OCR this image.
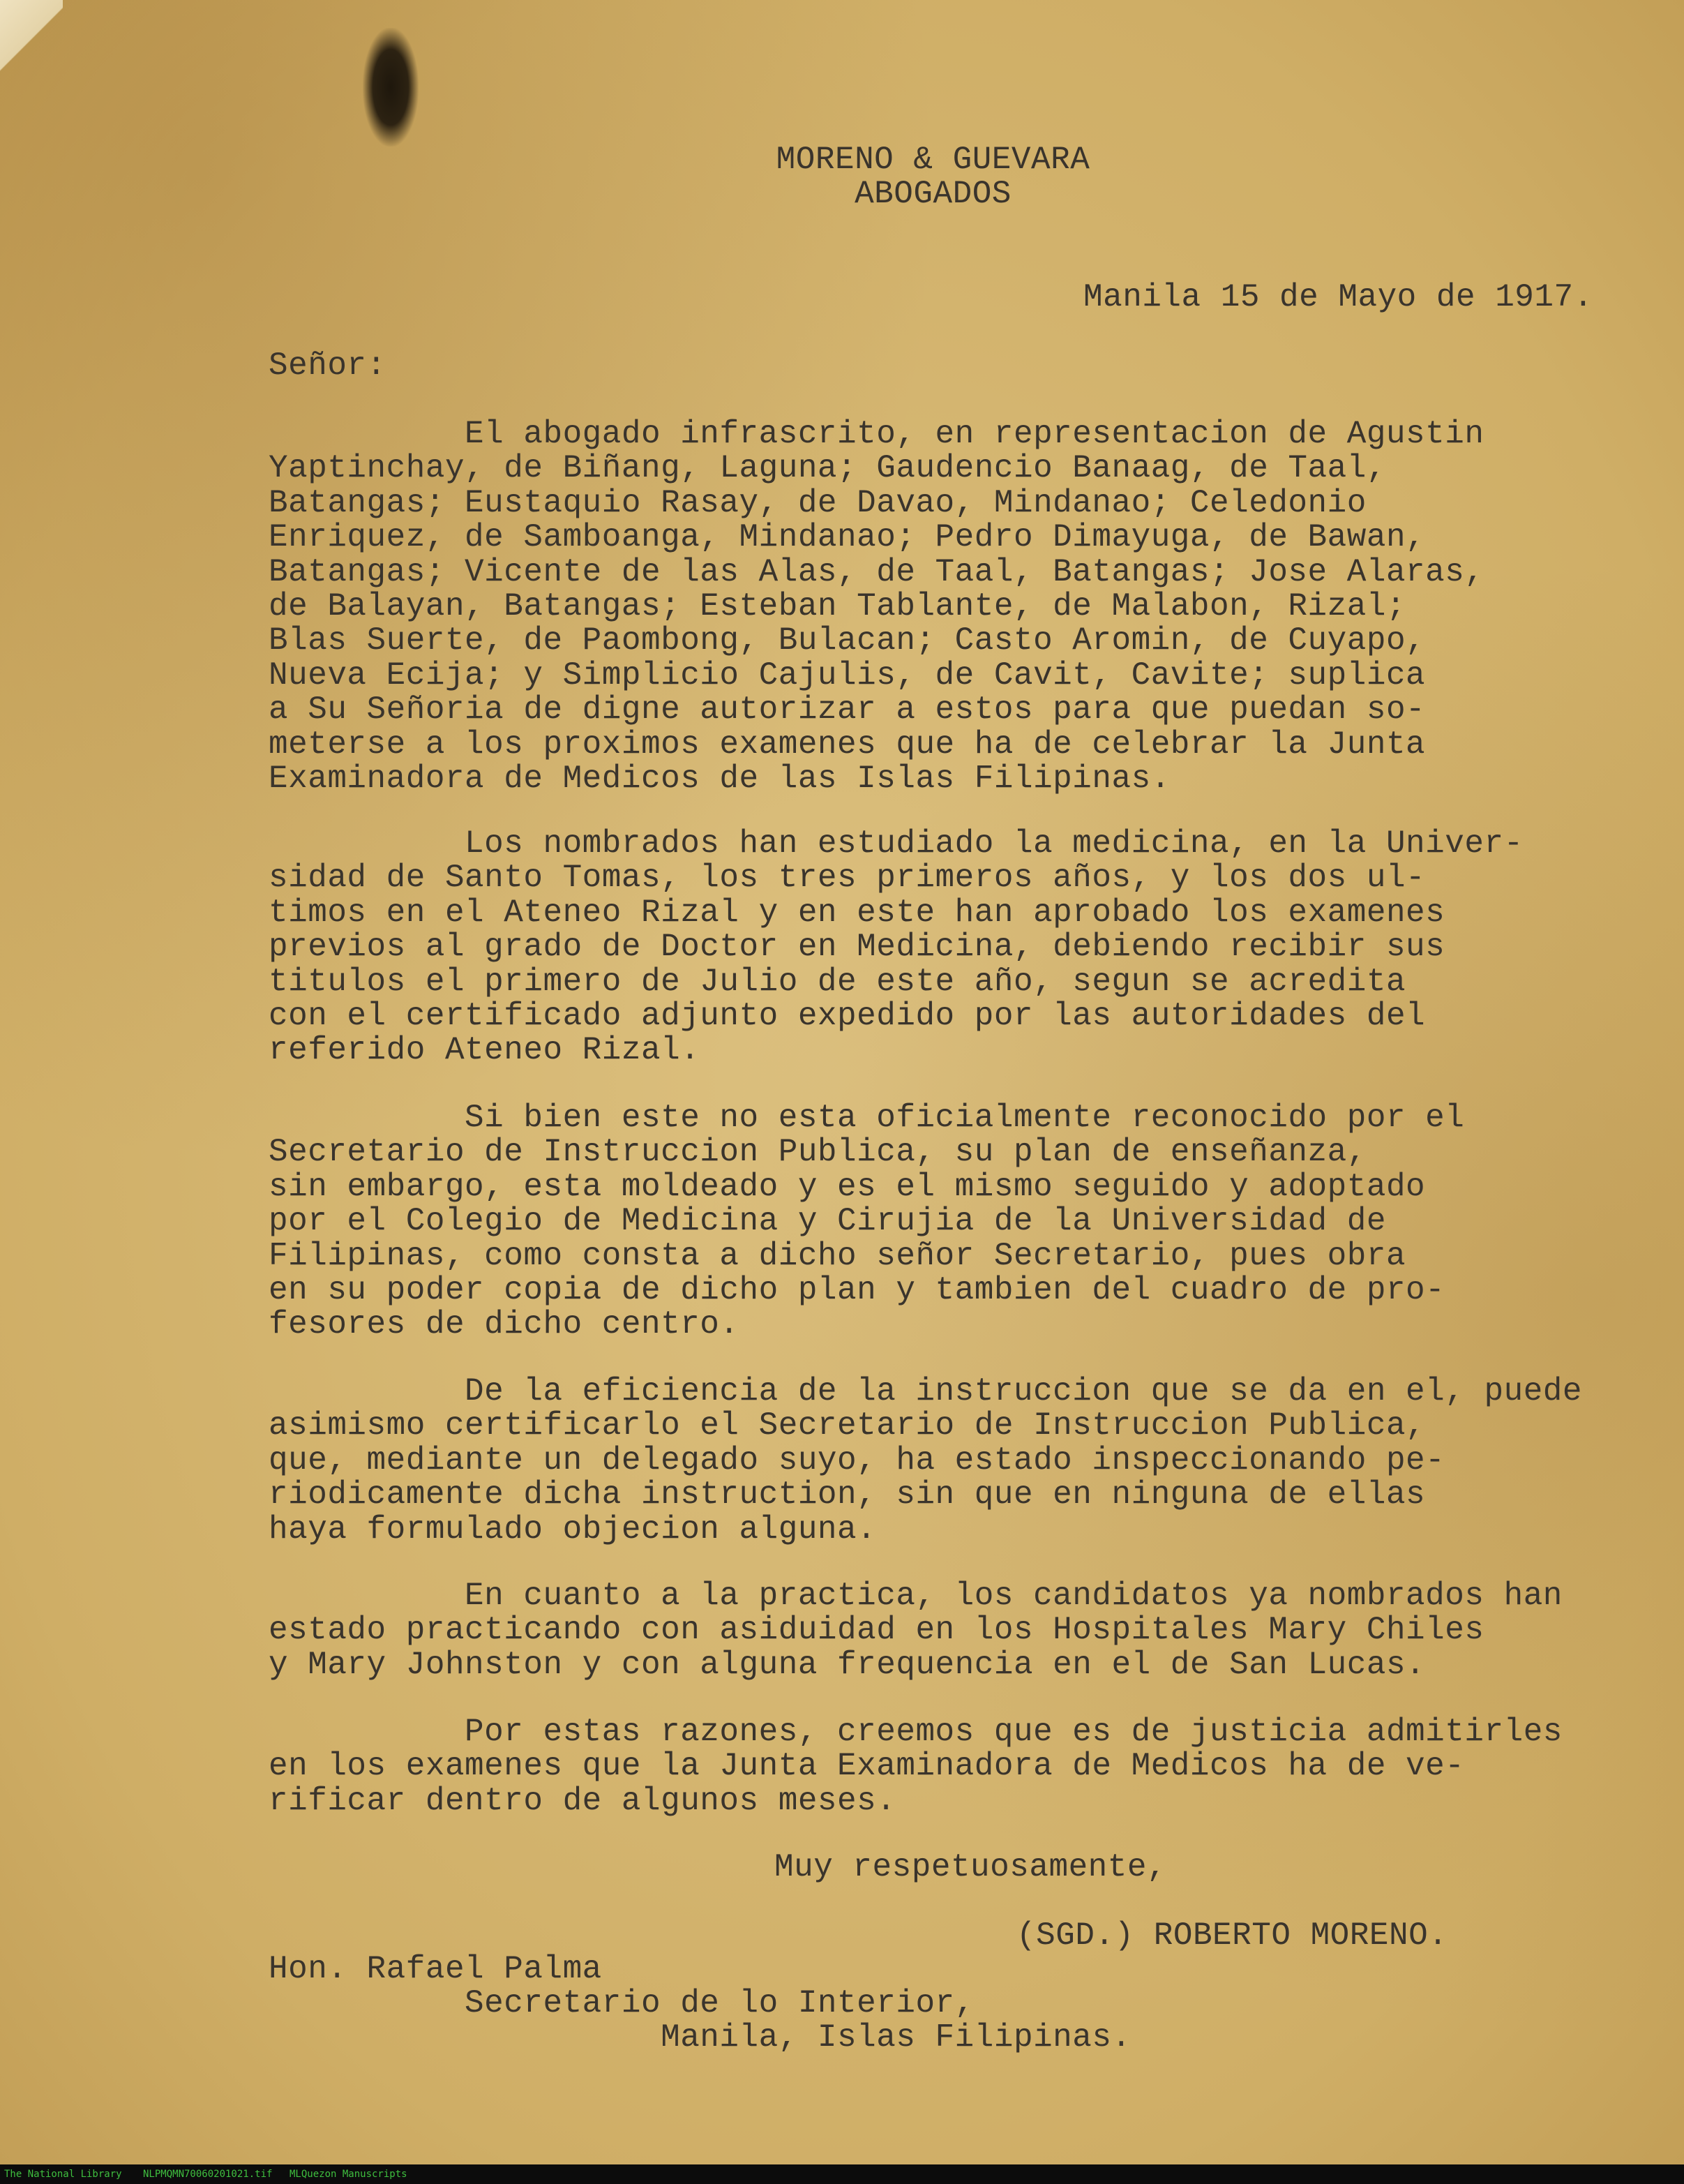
MORENO & GUEVARA
ABOGADOS
Manila 15 de Mayo de 1917.
Señor:
El abogado infrascrito, en representacion de Agustin
Yaptinchay, de Biñang, Laguna; Gaudencio Banaag, de Taal,
Batangas; Eustaquio Rasay, de Davao, Mindanao; Celedonio
Enriquez, de Samboanga, Mindanao; Pedro Dimayuga, de Bawan,
Batangas; Vicente de las Alas, de Taal, Batangas; Jose Alaras,
de Balayan, Batangas; Esteban Tablante, de Malabon, Rizal;
Blas Suerte, de Paombong, Bulacan; Casto Aromin, de Cuyapo,
Nueva Ecija; y Simplicio Cajulis, de Cavit, Cavite; suplica
a Su Señoria de digne autorizar a estos para que puedan so-
meterse a los proximos examenes que ha de celebrar la Junta
Examinadora de Medicos de las Islas Filipinas.
Los nombrados han estudiado la medicina, en la Univer-
sidad de Santo Tomas, los tres primeros años, y los dos ul-
timos en el Ateneo Rizal y en este han aprobado los examenes
previos al grado de Doctor en Medicina, debiendo recibir sus
titulos el primero de Julio de este año, segun se acredita
con el certificado adjunto expedido por las autoridades del
referido Ateneo Rizal.
Si bien este no esta oficialmente reconocido por el
Secretario de Instruccion Publica, su plan de enseñanza,
sin embargo, esta moldeado y es el mismo seguido y adoptado
por el Colegio de Medicina y Cirujia de la Universidad de
Filipinas, como consta a dicho señor Secretario, pues obra
en su poder copia de dicho plan y tambien del cuadro de pro-
fesores de dicho centro.
De la eficiencia de la instruccion que se da en el, puede
asimismo certificarlo el Secretario de Instruccion Publica,
que, mediante un delegado suyo, ha estado inspeccionando pe-
riodicamente dicha instruction, sin que en ninguna de ellas
haya formulado objecion alguna.
En cuanto a la practica, los candidatos ya nombrados han
estado practicando con asiduidad en los Hospitales Mary Chiles
y Mary Johnston y con alguna frequencia en el de San Lucas.
Por estas razones, creemos que es de justicia admitirles
en los examenes que la Junta Examinadora de Medicos ha de ve-
rificar dentro de algunos meses.
Muy respetuosamente,
(SGD.) ROBERTO MORENO.
Hon. Rafael Palma
Secretario de lo Interior,
Manila, Islas Filipinas.
The National Library NLPMQMN70060201021.tif MLQuezon Manuscripts
